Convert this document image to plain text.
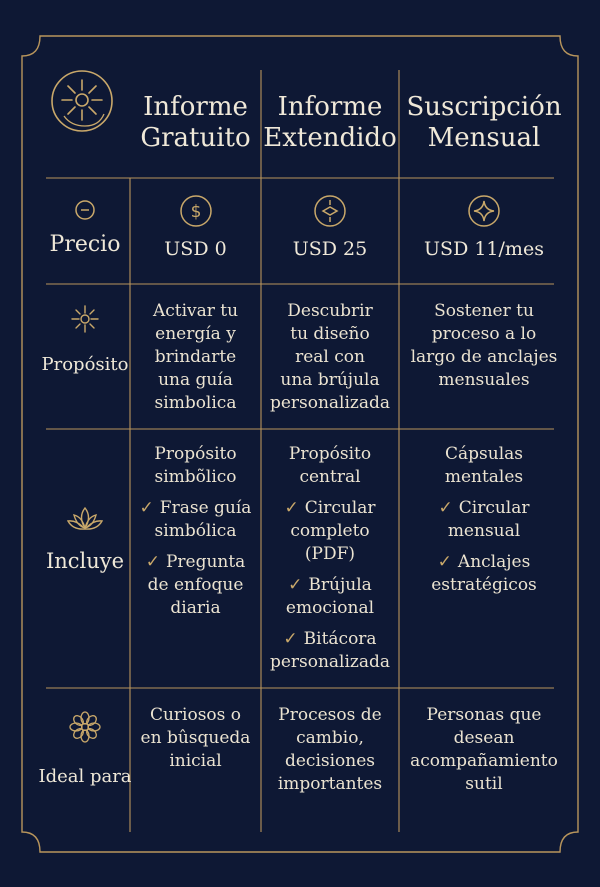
Informe
Gratuito
Informe
Extendido
Suscripción
Mensual
Precio
$
USD 0	USD 25	USD 11/mes
Propósito
Activar tu
energía y
brindarte
una guía
simbolica
Descubrir
tu diseño
real con
una brújula
personalizada
Sostener tu
proceso a lo
largo de anclajes
mensuales
Incluye
Propósito
simbõlico
✓ Frase guía
simbólica
✓ Pregunta
de enfoque
diaria
Propósito
central
✓ Circular
completo
(PDF)
✓ Brújula
emocional
✓ Bitácora
personalizada
Cápsulas
mentales
✓ Circular
mensual
✓ Anclajes
estratégicos
Ideal para
Curiosos o
en bûsqueda
inicial
Procesos de
cambio,
decisiones
importantes
Personas que
desean
acompañamiento
sutil
